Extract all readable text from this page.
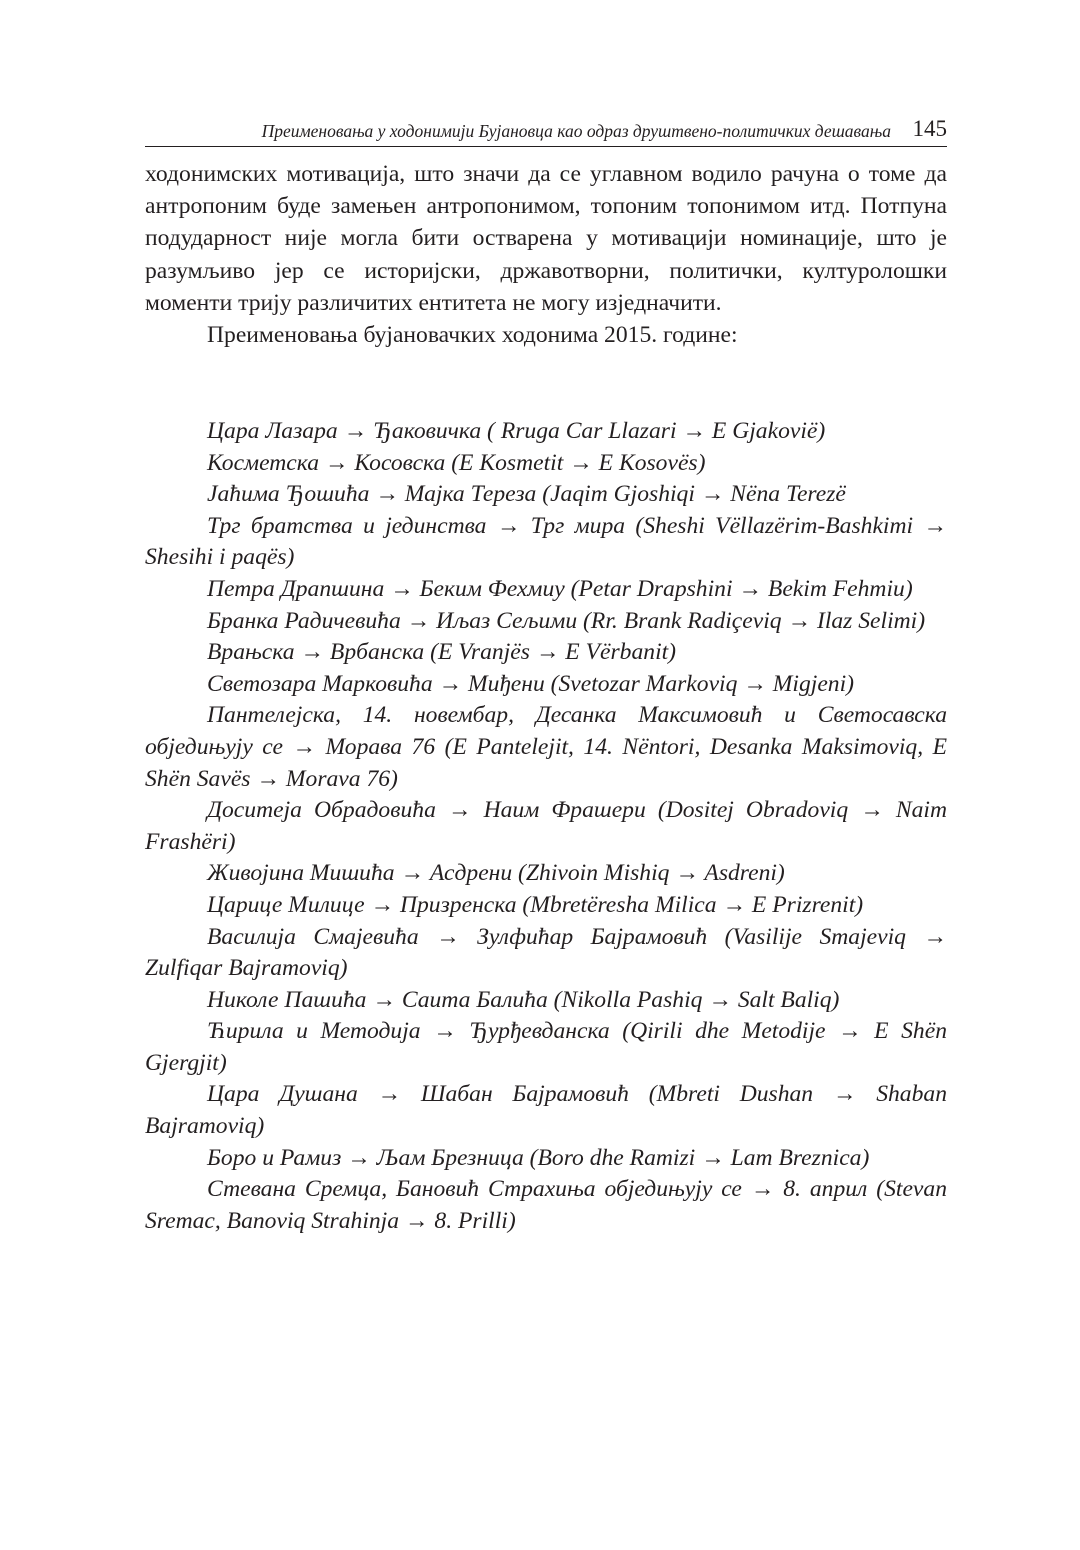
Преименовања у ходонимији Бујановца као одраз друштвено-политичких дешавања 145

ходонимских мотивација, што значи да се углавном водило рачуна о томе да антропоним буде замењен антропонимом, топоним топонимом итд. Потпуна подударност није могла бити остварена у мотивацији номинације, што је разумљиво јер се историјски, државотворни, политички, културолошки моменти трију различитих ентитета не могу изједначити.

Преименовања бујановачких ходонима 2015. године:

Цара Лазара → Ђаковичка ( Rruga Car Llazari → E Gjakoviё)

Косметска → Косовска (E Kosmetit → E Kosovës)

Јаћима Ђошића → Мајка Тереза (Jaqim Gjoshiqi → Nëna Terezë

Трг братства и јединства → Трг мира (Sheshi Vëllazërim-Bashkimi → Shesihi i paqës)

Петра Драпшина → Беким Фехмиу (Petar Drapshini → Bekim Fehmiu)

Бранка Радичевића → Иљаз Сељими (Rr. Brank Radiçeviq → Ilaz Selimi)

Врањска → Врбанска (E Vranjës → E Vërbanit)

Светозара Марковића → Миђени (Svetozar Markoviq → Migjeni)

Пантелејска, 14. новембар, Десанка Максимовић и Светосавска обједињују се → Морава 76 (E Pantelejit, 14. Nëntori, Desanka Maksimoviq, E Shën Savës → Morava 76)

Доситеја Обрадовића → Наим Фрашери (Dositej Obradoviq → Naim Frashëri)

Живојина Мишића → Асдрени (Zhivoin Mishiq → Asdreni)

Царице Милице → Призренска (Mbretëresha Milica → E Prizrenit)

Василија Смајевића → Зулфићар Бајрамовић (Vasilije Smajeviq → Zulfiqar Bajramoviq)

Николе Пашића → Саита Балића (Nikolla Pashiq → Salt Baliq)

Ћирила и Методија → Ђурђевданска (Qirili dhe Metodije → E Shën Gjergjit)

Цара Душана → Шабан Бајрамовић (Mbreti Dushan → Shaban Bajramoviq)

Боро и Рамиз → Љам Брезница (Boro dhe Ramizi → Lam Breznica)

Стевана Сремца, Бановић Страхиња обједињују се → 8. април (Stevan Sremac, Banoviq Strahinja → 8. Prilli)
